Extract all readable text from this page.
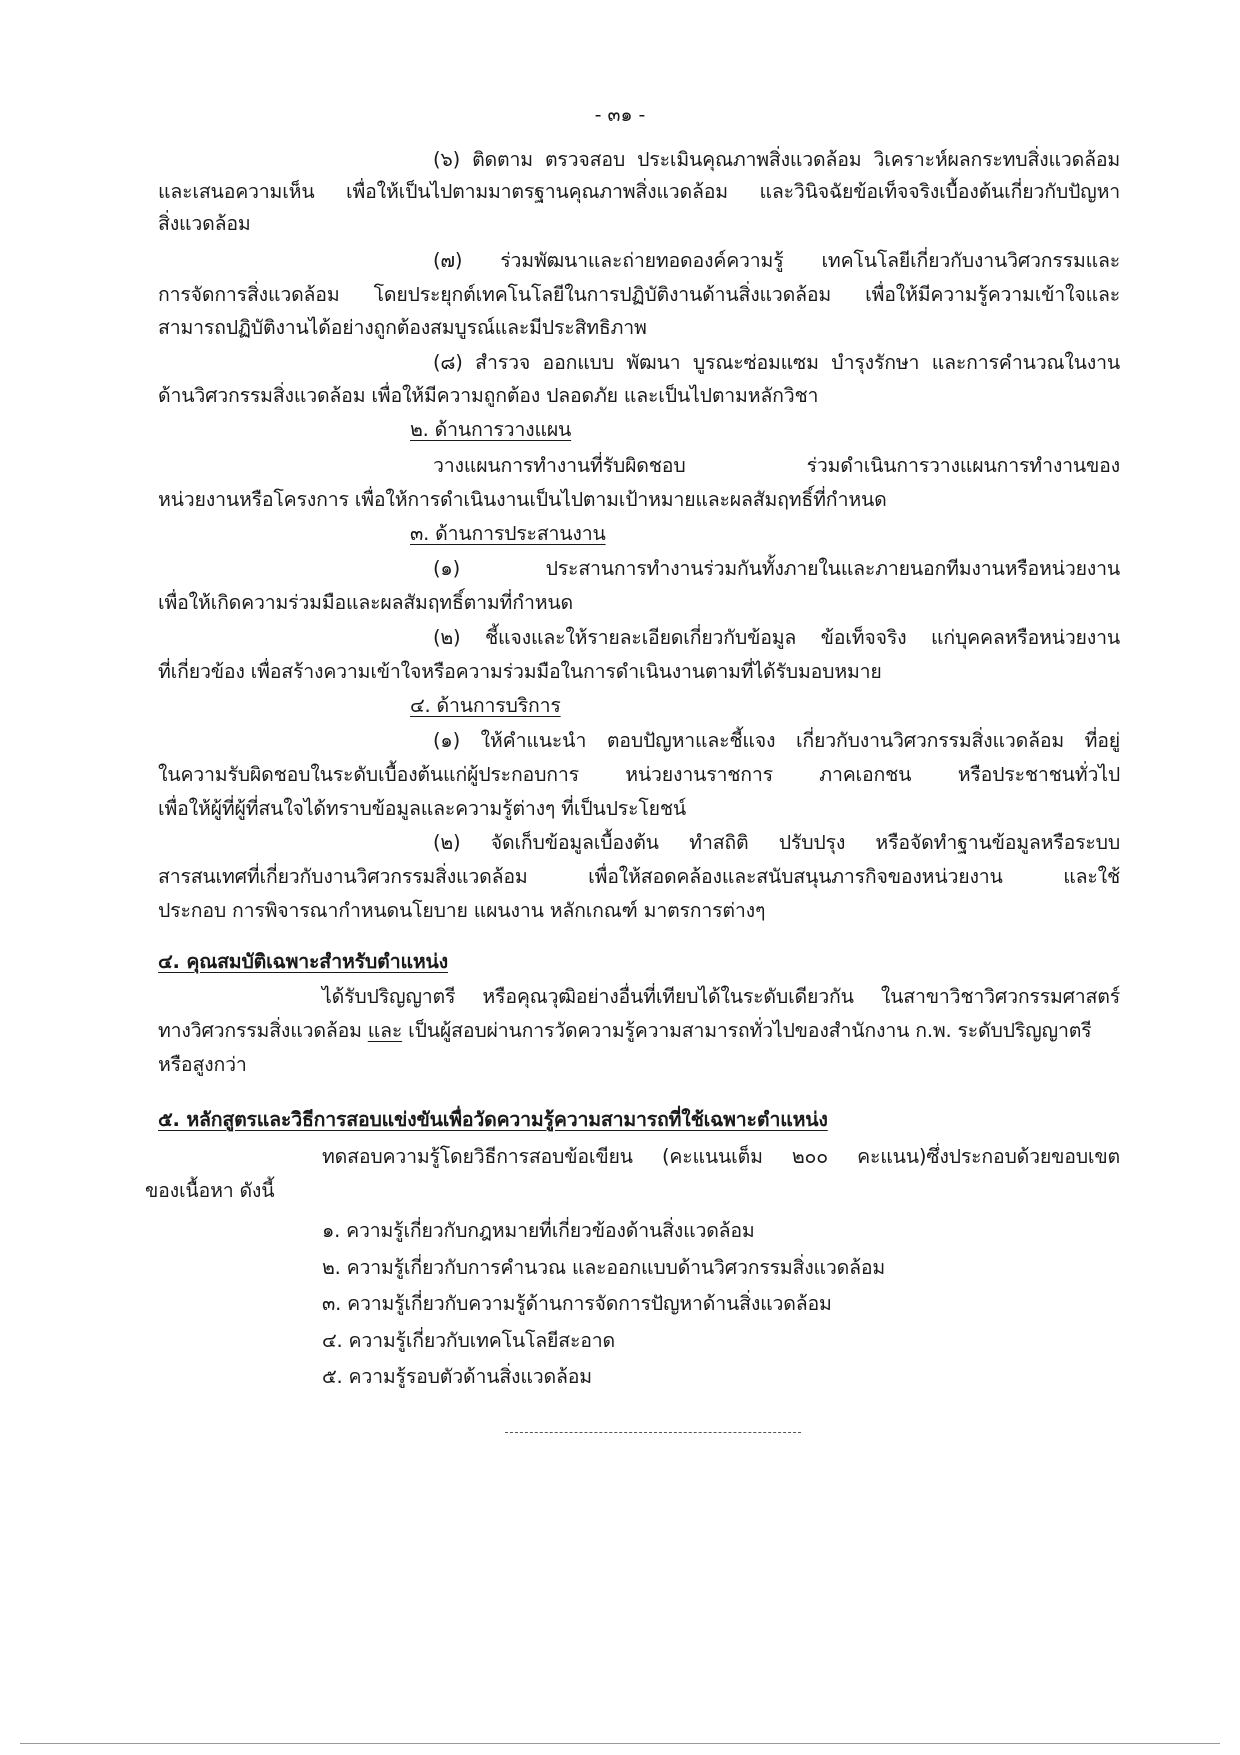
- ๓๑ -
(๖) ติดตาม ตรวจสอบ ประเมินคุณภาพสิ่งแวดล้อม วิเคราะห์ผลกระทบสิ่งแวดล้อม
และเสนอความเห็น เพื่อให้เป็นไปตามมาตรฐานคุณภาพสิ่งแวดล้อม และวินิจฉัยข้อเท็จจริงเบื้องต้นเกี่ยวกับปัญหา
สิ่งแวดล้อม
(๗) ร่วมพัฒนาและถ่ายทอดองค์ความรู้ เทคโนโลยีเกี่ยวกับงานวิศวกรรมและ
การจัดการสิ่งแวดล้อม โดยประยุกต์เทคโนโลยีในการปฏิบัติงานด้านสิ่งแวดล้อม เพื่อให้มีความรู้ความเข้าใจและ
สามารถปฏิบัติงานได้อย่างถูกต้องสมบูรณ์และมีประสิทธิภาพ
(๘) สำรวจ ออกแบบ พัฒนา บูรณะซ่อมแซม บำรุงรักษา และการคำนวณในงาน
ด้านวิศวกรรมสิ่งแวดล้อม เพื่อให้มีความถูกต้อง ปลอดภัย และเป็นไปตามหลักวิชา
๒. ด้านการวางแผน
วางแผนการทำงานที่รับผิดชอบ ร่วมดำเนินการวางแผนการทำงานของ
หน่วยงานหรือโครงการ เพื่อให้การดำเนินงานเป็นไปตามเป้าหมายและผลสัมฤทธิ์ที่กำหนด
๓. ด้านการประสานงาน
(๑) ประสานการทำงานร่วมกันทั้งภายในและภายนอกทีมงานหรือหน่วยงาน
เพื่อให้เกิดความร่วมมือและผลสัมฤทธิ์ตามที่กำหนด
(๒) ชี้แจงและให้รายละเอียดเกี่ยวกับข้อมูล ข้อเท็จจริง แก่บุคคลหรือหน่วยงาน
ที่เกี่ยวข้อง เพื่อสร้างความเข้าใจหรือความร่วมมือในการดำเนินงานตามที่ได้รับมอบหมาย
๔. ด้านการบริการ
(๑) ให้คำแนะนำ ตอบปัญหาและชี้แจง เกี่ยวกับงานวิศวกรรมสิ่งแวดล้อม ที่อยู่
ในความรับผิดชอบในระดับเบื้องต้นแก่ผู้ประกอบการ หน่วยงานราชการ ภาคเอกชน หรือประชาชนทั่วไป
เพื่อให้ผู้ที่ผู้ที่สนใจได้ทราบข้อมูลและความรู้ต่างๆ ที่เป็นประโยชน์
(๒) จัดเก็บข้อมูลเบื้องต้น ทำสถิติ ปรับปรุง หรือจัดทำฐานข้อมูลหรือระบบ
สารสนเทศที่เกี่ยวกับงานวิศวกรรมสิ่งแวดล้อม เพื่อให้สอดคล้องและสนับสนุนภารกิจของหน่วยงาน และใช้
ประกอบ การพิจารณากำหนดนโยบาย แผนงาน หลักเกณฑ์ มาตรการต่างๆ
๔. คุณสมบัติเฉพาะสำหรับตำแหน่ง
ได้รับปริญญาตรี หรือคุณวุฒิอย่างอื่นที่เทียบได้ในระดับเดียวกัน ในสาขาวิชาวิศวกรรมศาสตร์
ทางวิศวกรรมสิ่งแวดล้อม และ เป็นผู้สอบผ่านการวัดความรู้ความสามารถทั่วไปของสำนักงาน ก.พ. ระดับปริญญาตรี
หรือสูงกว่า
๕. หลักสูตรและวิธีการสอบแข่งขันเพื่อวัดความรู้ความสามารถที่ใช้เฉพาะตำแหน่ง
ทดสอบความรู้โดยวิธีการสอบข้อเขียน (คะแนนเต็ม ๒๐๐ คะแนน)ซึ่งประกอบด้วยขอบเขต
ของเนื้อหา ดังนี้
๑. ความรู้เกี่ยวกับกฎหมายที่เกี่ยวข้องด้านสิ่งแวดล้อม
๒. ความรู้เกี่ยวกับการคำนวณ และออกแบบด้านวิศวกรรมสิ่งแวดล้อม
๓. ความรู้เกี่ยวกับความรู้ด้านการจัดการปัญหาด้านสิ่งแวดล้อม
๔. ความรู้เกี่ยวกับเทคโนโลยีสะอาด
๕. ความรู้รอบตัวด้านสิ่งแวดล้อม
